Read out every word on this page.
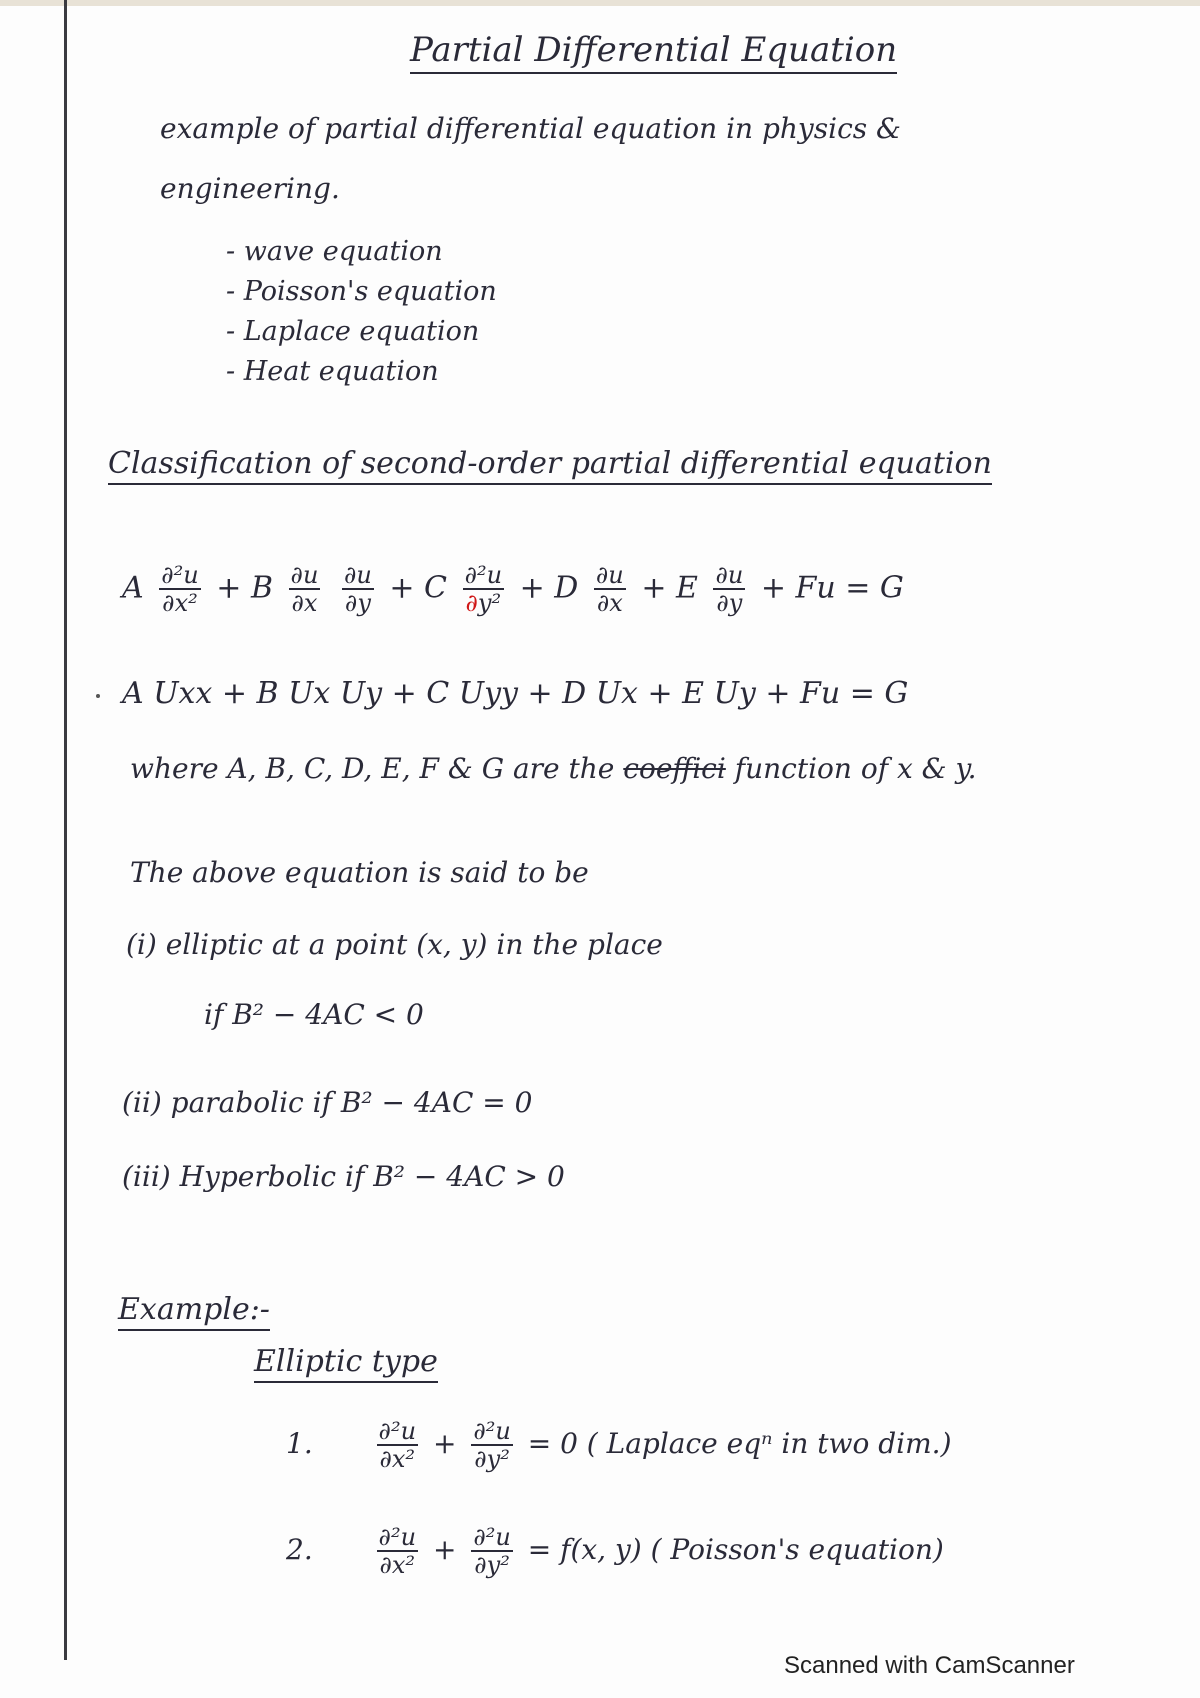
Partial Differential Equation
example of partial differential equation in physics &
engineering.
- wave equation
- Poisson's equation
- Laplace equation
- Heat equation
Classification of second-order partial differential equation
A $\frac{\text{∂²u}}{\text{∂x²}} + B \frac{\partial u}{\partial x}$
$\frac{\partial u}{\partial y} + C \frac{\text{∂²u}}{\text{∂y²}} + D \frac{\partial u}{\partial x} + E \frac{\partial u}{\partial y} + Fu = G$
A Uxx + B Ux Uy + C Uyy + D Ux + E Uy + Fu = G
where A, B, C, D, E, F & G are the coeffici function of x & y.
The above equation is said to be
(i) elliptic at a point (x, y) in the place
if B² − 4AC < 0
(ii) parabolic if B² − 4AC = 0
(iii) Hyperbolic if B² − 4AC > 0
Example:-
Elliptic type
1.	$\frac{\text{∂²u}}{\text{∂x²}} + \frac{\text{∂²u}}{\text{∂y²}} = 0$ ( Laplace eqⁿ in two dim.)
2.	$\frac{\text{∂²u}}{\text{∂x²}} + \frac{\text{∂²u}}{\text{∂y²}} = f(x$, y) ( Poisson's equation)
Scanned with CamScanner
